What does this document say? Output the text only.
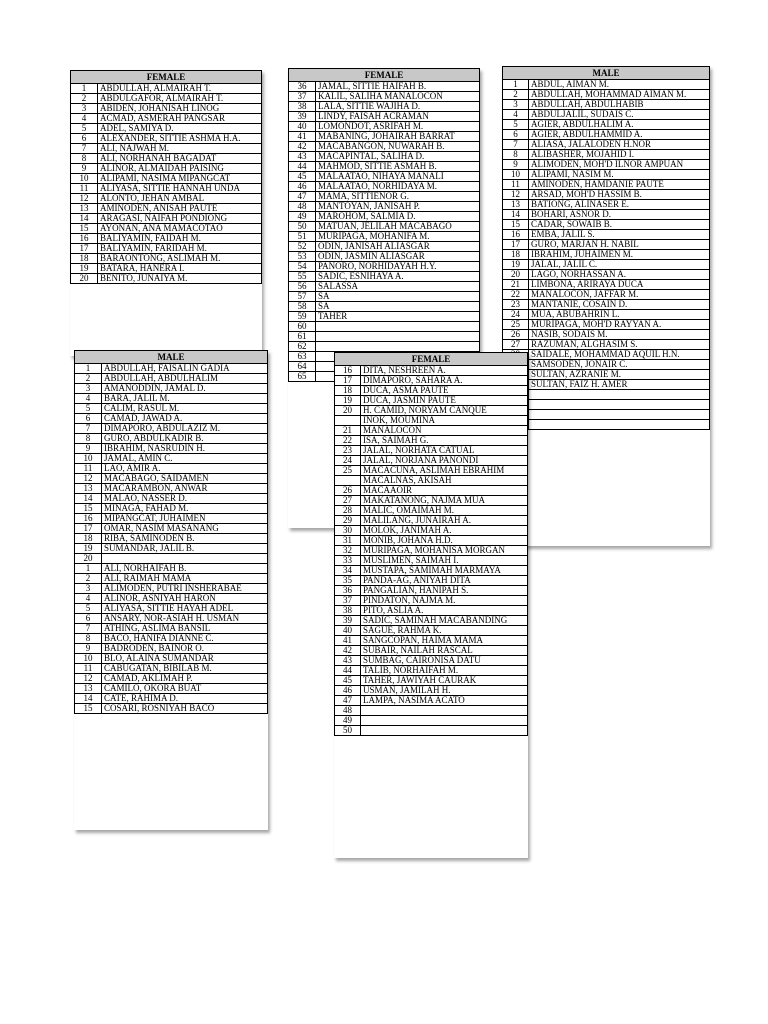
FEMALE	
1	ABDULLAH, ALMAIRAH T.
2	ABDULGAFOR, ALMAIRAH T.
3	ABIDEN, JOHANISAH LINOG
4	ACMAD, ASMERAH PANGSAR
5	ADEL, SAMIYA D.
6	ALEXANDER, SITTIE ASHMA H.A.
7	ALI, NAJWAH M.
8	ALI, NORHANAH BAGADAT
9	ALINOR, ALMAIDAH PAISING
10	ALIPAMI, NASIMA MIPANGCAT
11	ALIYASA, SITTIE HANNAH UNDA
12	ALONTO, JEHAN AMBAL
13	AMINODEN, ANISAH PAUTE
14	ARAGASI, NAIFAH PONDIONG
15	AYONAN, ANA MAMACOTAO
16	BALIYAMIN, FAIDAH M.
17	BALIYAMIN, FARIDAH M.
18	BARAONTONG, ASLIMAH M.
19	BATARA, HANERA I.
20	BENITO, JUNAIYA M.
FEMALE	
36	JAMAL, SITTIE HAIFAH B.
37	KALIL, SALIHA MANALOCON
38	LALA, SITTIE WAJIHA D.
39	LINDY, FAISAH ACRAMAN
40	LOMONDOT, ASRIFAH M.
41	MABANING, JOHAIRAH BARRAT
42	MACABANGON, NUWARAH B.
43	MACAPINTAL, SALIHA D.
44	MAHMOD, SITTIE ASMAH B.
45	MALAATAO, NIHAYA MANALI
46	MALAATAO, NORHIDAYA M.
47	MAMA, SITTIENOR G.
48	MANTOYAN, JANISAH P.
49	MAROHOM, SALMIA D.
50	MATUAN, JELILAH MACABAGO
51	MURIPAGA, MOHANIFA M.
52	ODIN, JANISAH ALIASGAR
53	ODIN, JASMIN ALIASGAR
54	PANORO, NORHIDAYAH H.Y.
55	SADIC, ESNIHAYA A.
56	SALASSA
57	SA
58	SA
59	TAHER
60	
61	
62	
63	
64	
65	
MALE	
1	ABDUL, AIMAN M.
2	ABDULLAH, MOHAMMAD AIMAN M.
3	ABDULLAH, ABDULHABIB
4	ABDULJALIL, SUDAIS C.
5	AGIER, ABDULHALIM A.
6	AGIER, ABDULHAMMID A.
7	ALIASA, JALALODEN H.NOR
8	ALIBASHER, MOJAHID I.
9	ALIMODEN, MOH'D ILNOR AMPUAN
10	ALIPAMI, NASIM M.
11	AMINODEN, HAMDANIE PAUTE
12	ARSAD, MOH'D HASSIM B.
13	BATIONG, ALINASER E.
14	BOHARI, ASNOR D.
15	CADAR, SOWAIB B.
16	EMBA, JALIL S.
17	GURO, MARJAN H. NABIL
18	IBRAHIM, JUHAIMEN M.
19	JALAL, JALIL C.
20	LAGO, NORHASSAN A.
21	LIMBONA, ARIRAYA DUCA
22	MANALOCON, JAFFAR M.
23	MANTANIE, COSAIN D.
24	MUA, ABUBAHRIN L.
25	MURIPAGA, MOH'D RAYYAN A.
26	NASIB, SODAIS M.
27	RAZUMAN, ALGHASIM S.
	SAIDALE, MOHAMMAD AQUIL H.N.
	SAMSODEN, JONAIR C.
	SULTAN, AZRANIE M.
	SULTAN, FAIZ H. AMER

MALE	
1	ABDULLAH, FAISALIN GADIA
2	ABDULLAH, ABDULHALIM
3	AMANODDIN, JAMAL D.
4	BARA, JALIL M.
5	CALIM, RASUL M.
6	CAMAD, JAWAD A.
7	DIMAPORO, ABDULAZIZ M.
8	GURO, ABDULKADIR B.
9	IBRAHIM, NASRUDIN H.
10	JAMAL, AMIN C.
11	LAO, AMIR A.
12	MACABAGO, SAIDAMEN
13	MACARAMBON, ANWAR
14	MALAO, NASSER D.
15	MINAGA, FAHAD M.
16	MIPANGCAT, JUHAIMEN
17	OMAR, NASIM MASANANG
18	RIBA, SAMINODEN B.
19	SUMANDAR, JALIL B.
20	
1	ALI, NORHAIFAH B.
2	ALI, RAIMAH MAMA
3	ALIMODEN, PUTRI INSHERABAE
4	ALINOR, ASNIYAH HARON
5	ALIYASA, SITTIE HAYAH ADEL
6	ANSARY, NOR-ASIAH H. USMAN
7	ATHING, ASLIMA BANSIL
8	BACO, HANIFA DIANNE C.
9	BADRODEN, BAINOR O.
10	BLO, ALAINA SUMANDAR
11	CABUGATAN, BIBILAB M.
12	CAMAD, AKLIMAH P.
13	CAMILO, OKORA BUAT
14	CATE, RAHIMA D.
15	COSARI, ROSNIYAH BACO
FEMALE	
16	DITA, NESHREEN A.
17	DIMAPORO, SAHARA A.
18	DUCA, ASMA PAUTE
19	DUCA, JASMIN PAUTE
20	H. CAMID, NORYAM CANQUE
	INOK, MOUMINA
21	MANALOCON
22	ISA, SAIMAH G.
23	JALAL, NORHATA CATUAL
24	JALAL, NORJANA PANONDI
25	MACACUNA, ASLIMAH EBRAHIM
	MACALNAS, AKISAH
26	MACAAOIR
27	MAKATANONG, NAJMA MUA
28	MALIC, OMAIMAH M.
29	MALILANG, JUNAIRAH A.
30	MOLOK, JANIMAH A.
31	MONIB, JOHANA H.D.
32	MURIPAGA, MOHANISA MORGAN
33	MUSLIMEN, SAIMAH I.
34	MUSTAPA, SAMIMAH MARMAYA
35	PANDA-AG, ANIYAH DITA
36	PANGALIAN, HANIPAH S.
37	PINDATON, NAJMA M.
38	PITO, ASLIA A.
39	SADIC, SAMINAH MACABANDING
40	SAGUE, RAHMA K.
41	SANGCOPAN, HAIMA MAMA
42	SUBAIR, NAILAH RASCAL
43	SUMBAG, CAIRONISA DATU
44	TALIB, NORHAIFAH M.
45	TAHER, JAWIYAH CAURAK
46	USMAN, JAMILAH H.
47	LAMPA, NASIMA ACATO
48	
49	
50	
